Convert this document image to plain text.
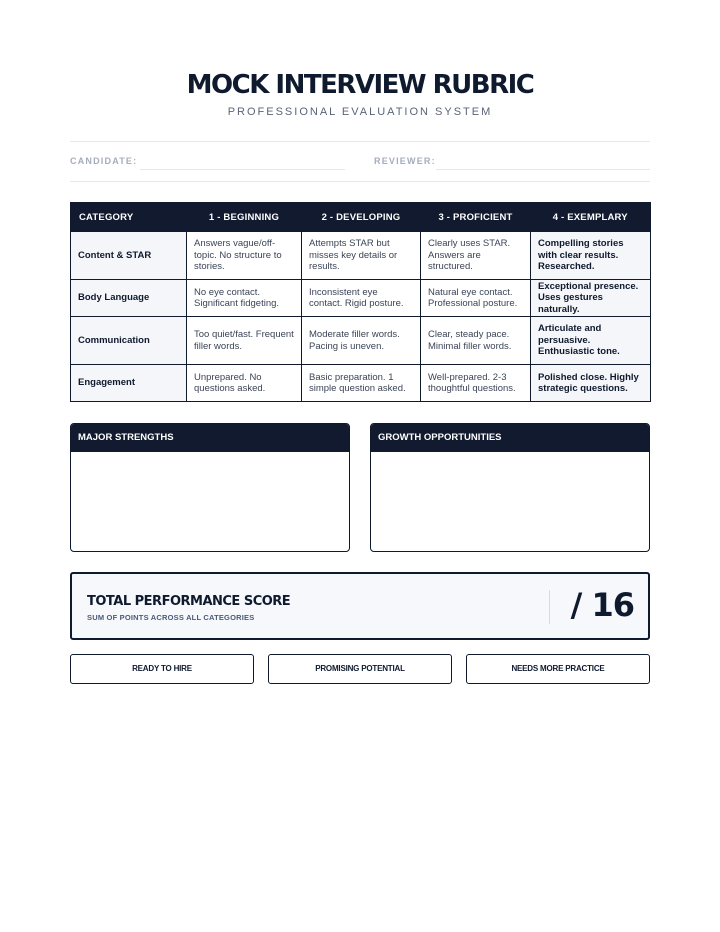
MOCK INTERVIEW RUBRIC
PROFESSIONAL EVALUATION SYSTEM
CANDIDATE:	REVIEWER:
CATEGORY	1 - BEGINNING	2 - DEVELOPING	3 - PROFICIENT	4 - EXEMPLARY
Content & STAR	Answers vague/off-topic. No structure to stories.	Attempts STAR but misses key details or results.	Clearly uses STAR. Answers are structured.	Compelling stories with clear results. Researched.
Body Language	No eye contact. Significant fidgeting.	Inconsistent eye contact. Rigid posture.	Natural eye contact. Professional posture.	Exceptional presence. Uses gestures naturally.
Communication	Too quiet/fast. Frequent filler words.	Moderate filler words. Pacing is uneven.	Clear, steady pace. Minimal filler words.	Articulate and persuasive. Enthusiastic tone.
Engagement	Unprepared. No questions asked.	Basic preparation. 1 simple question asked.	Well-prepared. 2-3 thoughtful questions.	Polished close. Highly strategic questions.
MAJOR STRENGTHS	GROWTH OPPORTUNITIES
TOTAL PERFORMANCE SCORE
SUM OF POINTS ACROSS ALL CATEGORIES	/ 16
READY TO HIRE	PROMISING POTENTIAL	NEEDS MORE PRACTICE
